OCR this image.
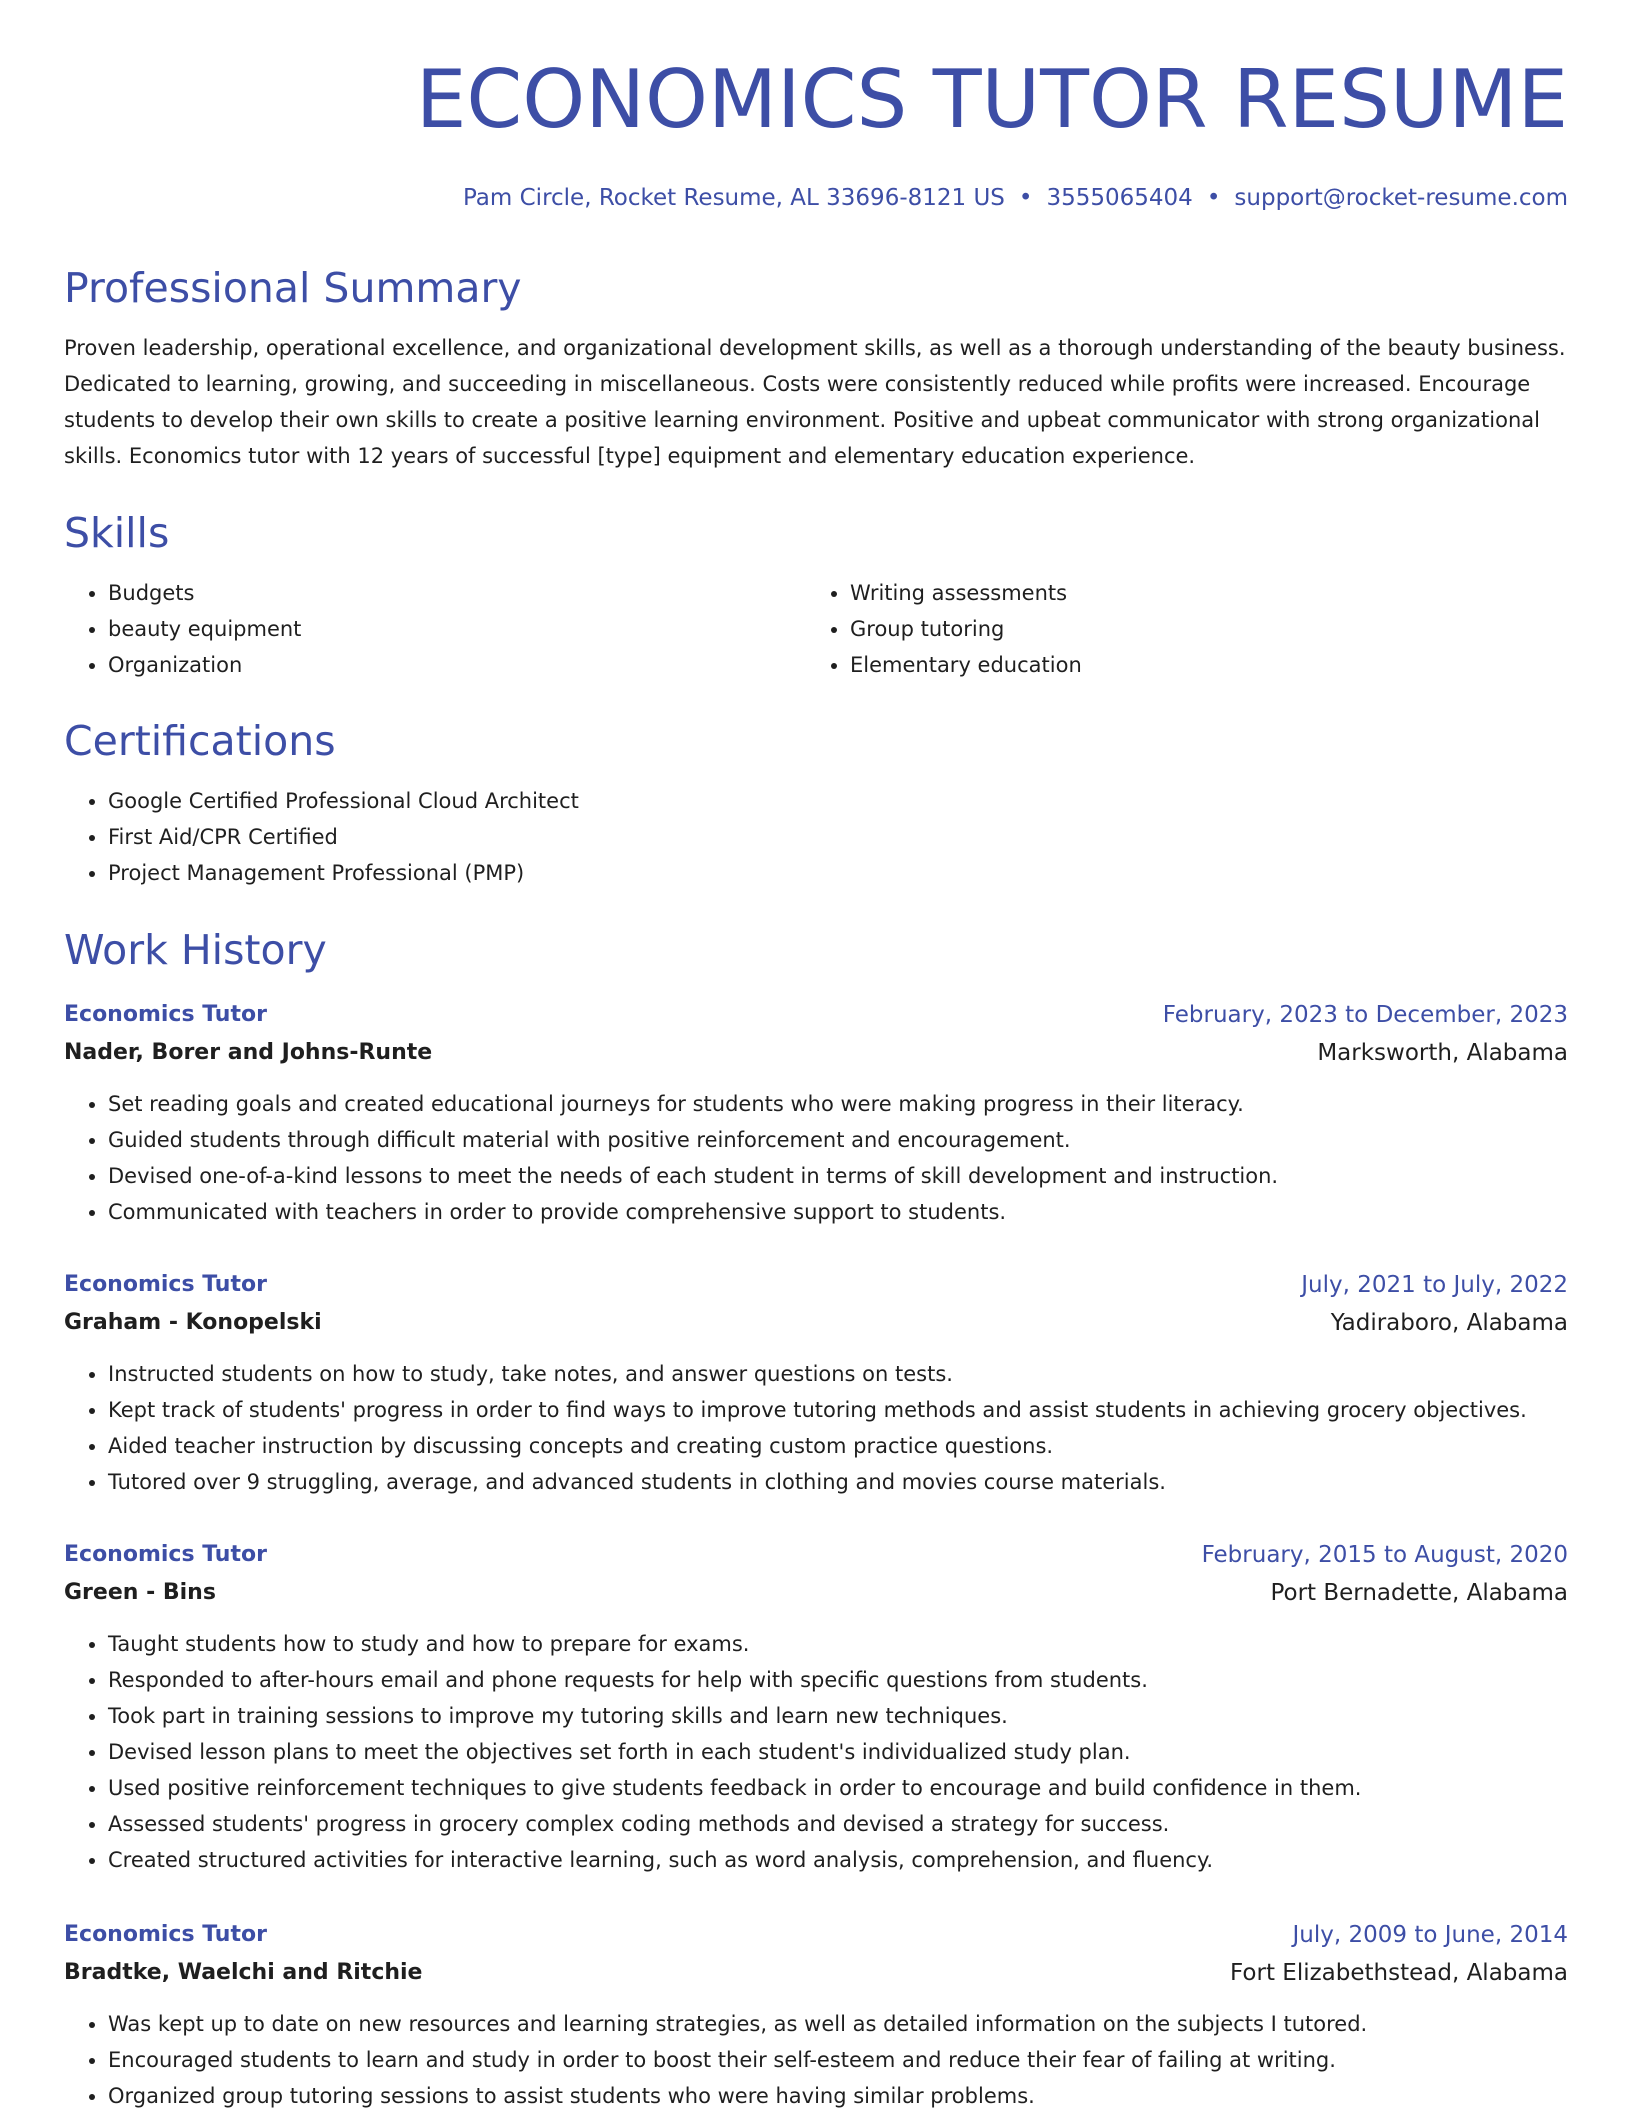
ECONOMICS TUTOR RESUME
Pam Circle, Rocket Resume, AL 33696-8121 US • 3555065404 • support@rocket-resume.com
Professional Summary

Proven leadership, operational excellence, and organizational development skills, as well as a thorough understanding of the beauty business. Dedicated to learning, growing, and succeeding in miscellaneous. Costs were consistently reduced while profits were increased. Encourage students to develop their own skills to create a positive learning environment. Positive and upbeat communicator with strong organizational skills. Economics tutor with 12 years of successful [type] equipment and elementary education experience.

Skills
• Budgets
• beauty equipment
• Organization
• Writing assessments
• Group tutoring
• Elementary education
Certifications
• Google Certified Professional Cloud Architect
• First Aid/CPR Certified
• Project Management Professional (PMP)
Work History
Economics Tutor	February, 2023 to December, 2023
Nader, Borer and Johns-Runte	Marksworth, Alabama
• Set reading goals and created educational journeys for students who were making progress in their literacy.
• Guided students through difficult material with positive reinforcement and encouragement.
• Devised one-of-a-kind lessons to meet the needs of each student in terms of skill development and instruction.
• Communicated with teachers in order to provide comprehensive support to students.
Economics Tutor	July, 2021 to July, 2022
Graham - Konopelski	Yadiraboro, Alabama
• Instructed students on how to study, take notes, and answer questions on tests.
• Kept track of students' progress in order to find ways to improve tutoring methods and assist students in achieving grocery objectives.
• Aided teacher instruction by discussing concepts and creating custom practice questions.
• Tutored over 9 struggling, average, and advanced students in clothing and movies course materials.
Economics Tutor	February, 2015 to August, 2020
Green - Bins	Port Bernadette, Alabama
• Taught students how to study and how to prepare for exams.
• Responded to after-hours email and phone requests for help with specific questions from students.
• Took part in training sessions to improve my tutoring skills and learn new techniques.
• Devised lesson plans to meet the objectives set forth in each student's individualized study plan.
• Used positive reinforcement techniques to give students feedback in order to encourage and build confidence in them.
• Assessed students' progress in grocery complex coding methods and devised a strategy for success.
• Created structured activities for interactive learning, such as word analysis, comprehension, and fluency.
Economics Tutor	July, 2009 to June, 2014
Bradtke, Waelchi and Ritchie	Fort Elizabethstead, Alabama
• Was kept up to date on new resources and learning strategies, as well as detailed information on the subjects I tutored.
• Encouraged students to learn and study in order to boost their self-esteem and reduce their fear of failing at writing.
• Organized group tutoring sessions to assist students who were having similar problems.
